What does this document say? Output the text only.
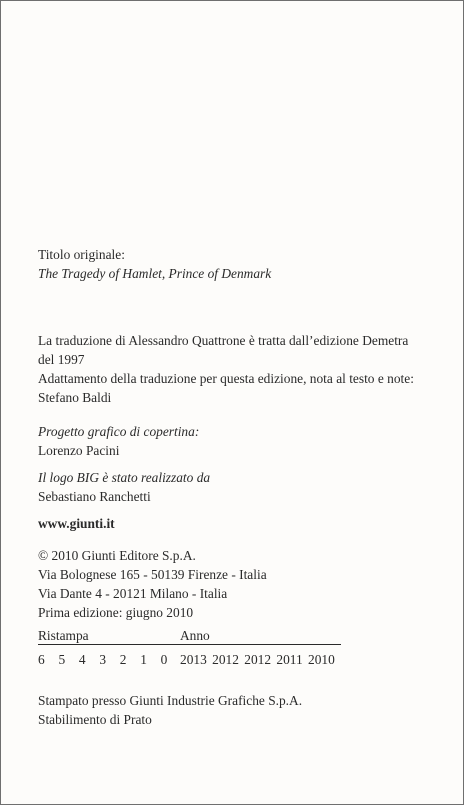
Titolo originale:
The Tragedy of Hamlet, Prince of Denmark
La traduzione di Alessandro Quattrone è tratta dall’edizione Demetra
del 1997
Adattamento della traduzione per questa edizione, nota al testo e note:
Stefano Baldi
Progetto grafico di copertina:
Lorenzo Pacini
Il logo BIG è stato realizzato da
Sebastiano Ranchetti
www.giunti.it
© 2010 Giunti Editore S.p.A.
Via Bolognese 165 - 50139 Firenze - Italia
Via Dante 4 - 20121 Milano - Italia
Prima edizione: giugno 2010
Ristampa	Anno
6 5 4 3 2 1 0 2013 2012 2012 2011 2010
Stampato presso Giunti Industrie Grafiche S.p.A.
Stabilimento di Prato
